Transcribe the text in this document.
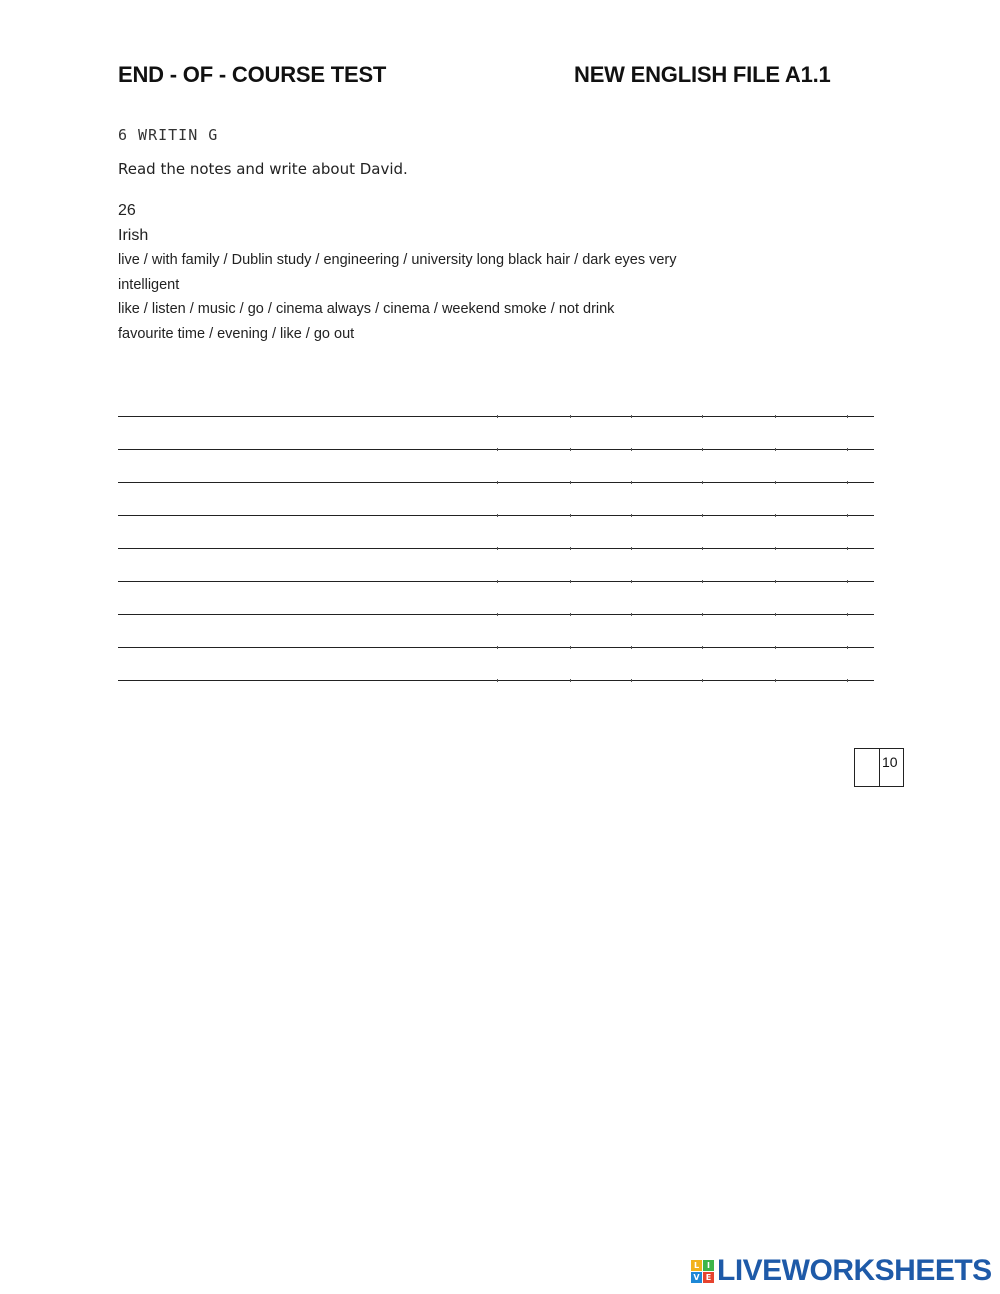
END - OF - COURSE TEST	NEW ENGLISH FILE A1.1
6 WRITIN G
Read the notes and write about David.
26
Irish
live / with family / Dublin study / engineering / university long black hair / dark eyes very
intelligent
like / listen / music / go / cinema always / cinema / weekend smoke / not drink
favourite time / evening / like / go out
10
L I
V E LIVEWORKSHEETS
